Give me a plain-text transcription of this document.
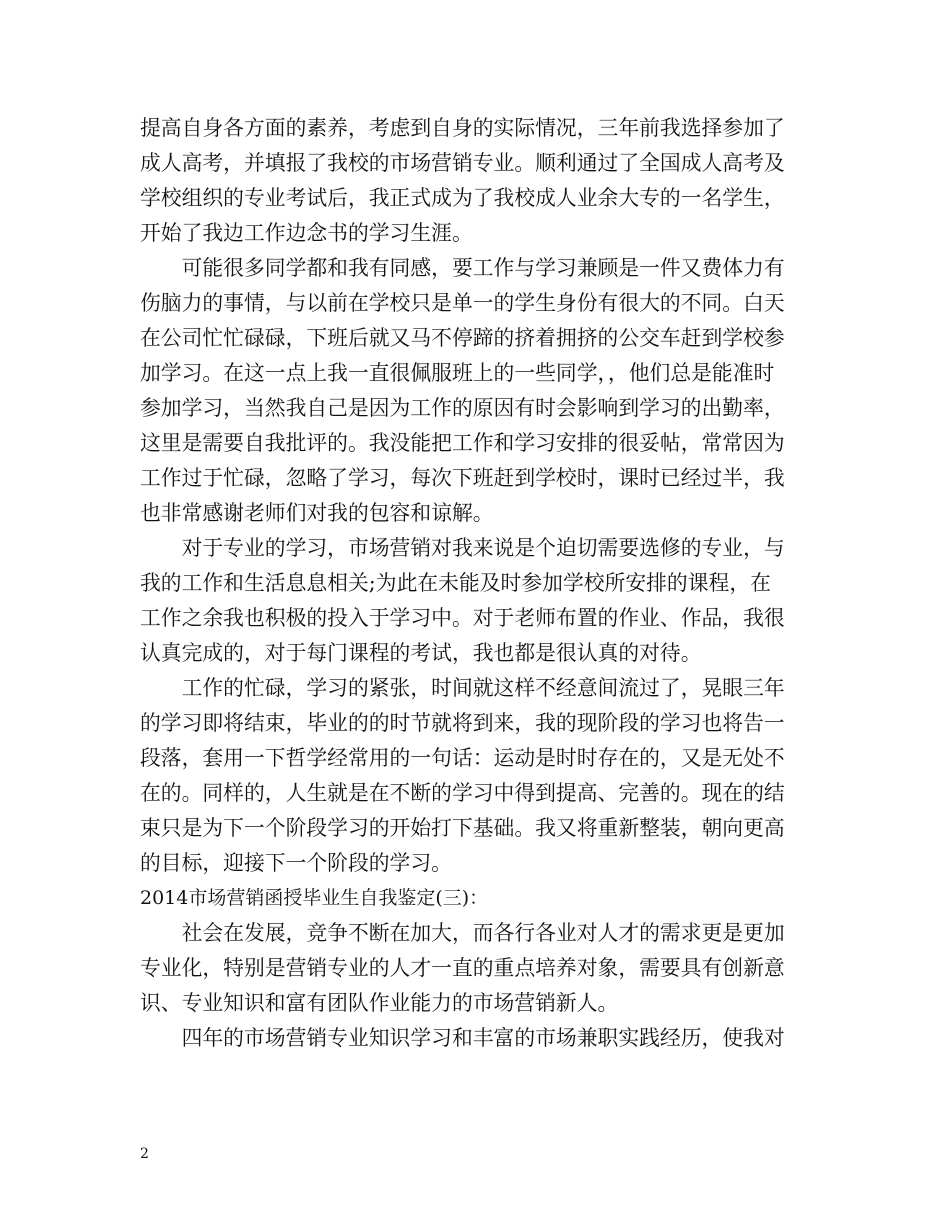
提高自身各方面的素养，考虑到自身的实际情况，三年前我选择参加了
成人高考，并填报了我校的市场营销专业。顺利通过了全国成人高考及
学校组织的专业考试后，我正式成为了我校成人业余大专的一名学生，
开始了我边工作边念书的学习生涯。
　　可能很多同学都和我有同感，要工作与学习兼顾是一件又费体力有
伤脑力的事情，与以前在学校只是单一的学生身份有很大的不同。白天
在公司忙忙碌碌，下班后就又马不停蹄的挤着拥挤的公交车赶到学校参
加学习。在这一点上我一直很佩服班上的一些同学，，他们总是能准时
参加学习，当然我自己是因为工作的原因有时会影响到学习的出勤率，
这里是需要自我批评的。我没能把工作和学习安排的很妥帖，常常因为
工作过于忙碌，忽略了学习，每次下班赶到学校时，课时已经过半，我
也非常感谢老师们对我的包容和谅解。
　　对于专业的学习，市场营销对我来说是个迫切需要选修的专业，与
我的工作和生活息息相关;为此在未能及时参加学校所安排的课程，在
工作之余我也积极的投入于学习中。对于老师布置的作业、作品，我很
认真完成的，对于每门课程的考试，我也都是很认真的对待。
　　工作的忙碌，学习的紧张，时间就这样不经意间流过了，晃眼三年
的学习即将结束，毕业的的时节就将到来，我的现阶段的学习也将告一
段落，套用一下哲学经常用的一句话：运动是时时存在的，又是无处不
在的。同样的，人生就是在不断的学习中得到提高、完善的。现在的结
束只是为下一个阶段学习的开始打下基础。我又将重新整装，朝向更高
的目标，迎接下一个阶段的学习。
2014市场营销函授毕业生自我鉴定(三)：
　　社会在发展，竞争不断在加大，而各行各业对人才的需求更是更加
专业化，特别是营销专业的人才一直的重点培养对象，需要具有创新意
识、专业知识和富有团队作业能力的市场营销新人。
　　四年的市场营销专业知识学习和丰富的市场兼职实践经历，使我对
2
